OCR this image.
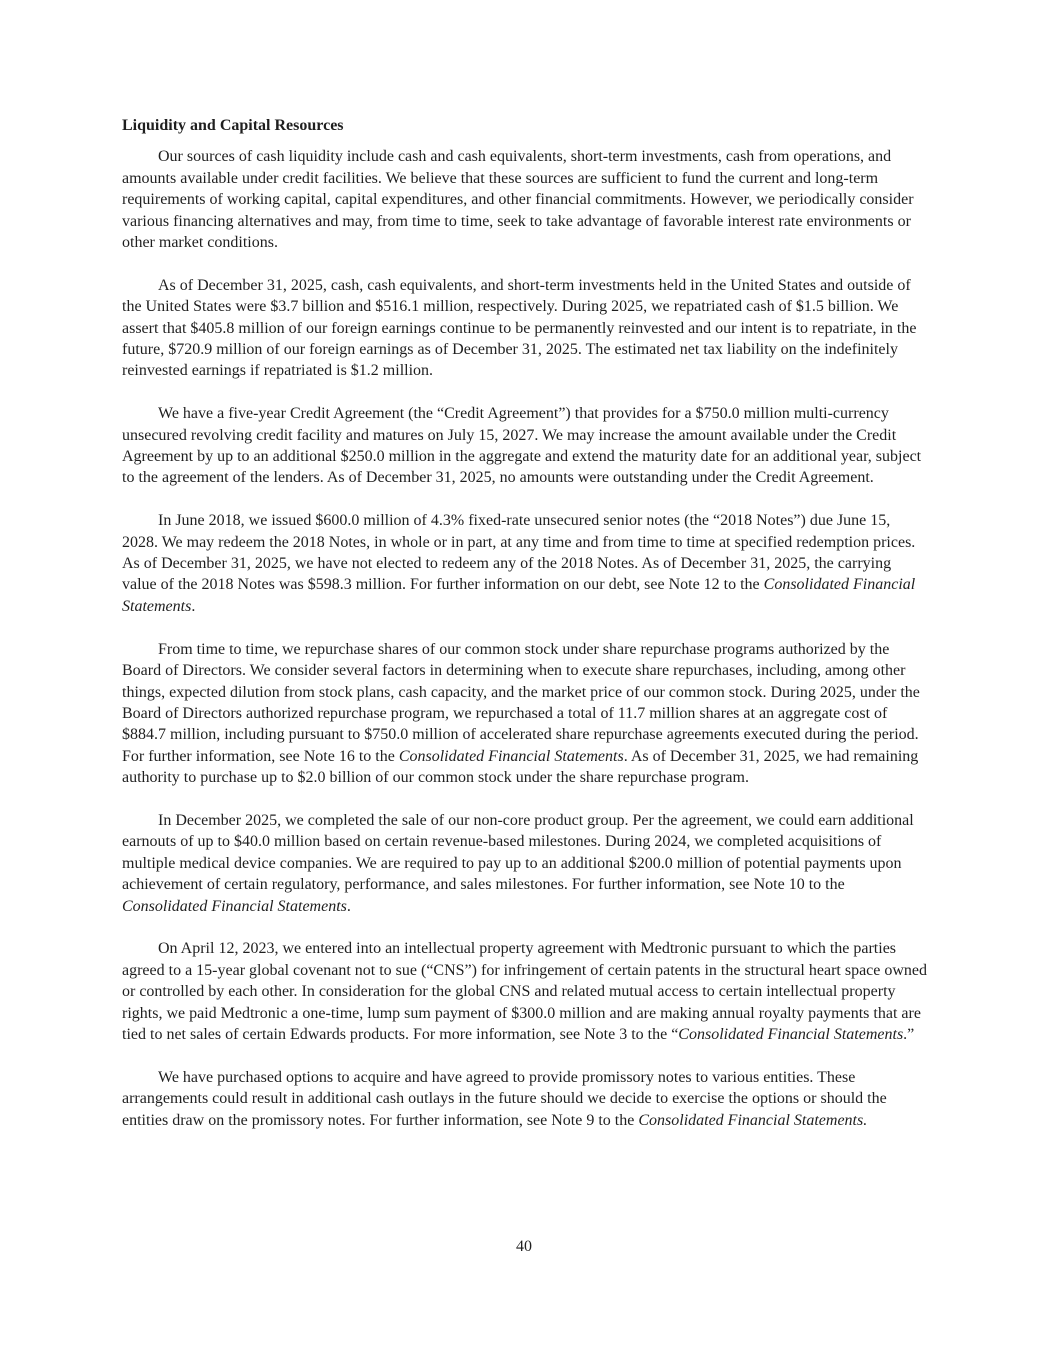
Liquidity and Capital Resources

Our sources of cash liquidity include cash and cash equivalents, short-term investments, cash from operations, and amounts available under credit facilities. We believe that these sources are sufficient to fund the current and long-term requirements of working capital, capital expenditures, and other financial commitments. However, we periodically consider various financing alternatives and may, from time to time, seek to take advantage of favorable interest rate environments or other market conditions.

As of December 31, 2025, cash, cash equivalents, and short-term investments held in the United States and outside of the United States were $3.7 billion and $516.1 million, respectively. During 2025, we repatriated cash of $1.5 billion. We assert that $405.8 million of our foreign earnings continue to be permanently reinvested and our intent is to repatriate, in the future, $720.9 million of our foreign earnings as of December 31, 2025. The estimated net tax liability on the indefinitely reinvested earnings if repatriated is $1.2 million.

We have a five-year Credit Agreement (the “Credit Agreement”) that provides for a $750.0 million multi-currency unsecured revolving credit facility and matures on July 15, 2027. We may increase the amount available under the Credit Agreement by up to an additional $250.0 million in the aggregate and extend the maturity date for an additional year, subject to the agreement of the lenders. As of December 31, 2025, no amounts were outstanding under the Credit Agreement.

In June 2018, we issued $600.0 million of 4.3% fixed-rate unsecured senior notes (the “2018 Notes”) due June 15, 2028. We may redeem the 2018 Notes, in whole or in part, at any time and from time to time at specified redemption prices. As of December 31, 2025, we have not elected to redeem any of the 2018 Notes. As of December 31, 2025, the carrying value of the 2018 Notes was $598.3 million. For further information on our debt, see Note 12 to the Consolidated Financial Statements.

From time to time, we repurchase shares of our common stock under share repurchase programs authorized by the Board of Directors. We consider several factors in determining when to execute share repurchases, including, among other things, expected dilution from stock plans, cash capacity, and the market price of our common stock. During 2025, under the Board of Directors authorized repurchase program, we repurchased a total of 11.7 million shares at an aggregate cost of $884.7 million, including pursuant to $750.0 million of accelerated share repurchase agreements executed during the period. For further information, see Note 16 to the Consolidated Financial Statements. As of December 31, 2025, we had remaining authority to purchase up to $2.0 billion of our common stock under the share repurchase program.

In December 2025, we completed the sale of our non-core product group. Per the agreement, we could earn additional earnouts of up to $40.0 million based on certain revenue-based milestones. During 2024, we completed acquisitions of multiple medical device companies. We are required to pay up to an additional $200.0 million of potential payments upon achievement of certain regulatory, performance, and sales milestones. For further information, see Note 10 to the Consolidated Financial Statements.

On April 12, 2023, we entered into an intellectual property agreement with Medtronic pursuant to which the parties agreed to a 15-year global covenant not to sue (“CNS”) for infringement of certain patents in the structural heart space owned or controlled by each other. In consideration for the global CNS and related mutual access to certain intellectual property rights, we paid Medtronic a one-time, lump sum payment of $300.0 million and are making annual royalty payments that are tied to net sales of certain Edwards products. For more information, see Note 3 to the “Consolidated Financial Statements.”

We have purchased options to acquire and have agreed to provide promissory notes to various entities. These arrangements could result in additional cash outlays in the future should we decide to exercise the options or should the entities draw on the promissory notes. For further information, see Note 9 to the Consolidated Financial Statements.

40
